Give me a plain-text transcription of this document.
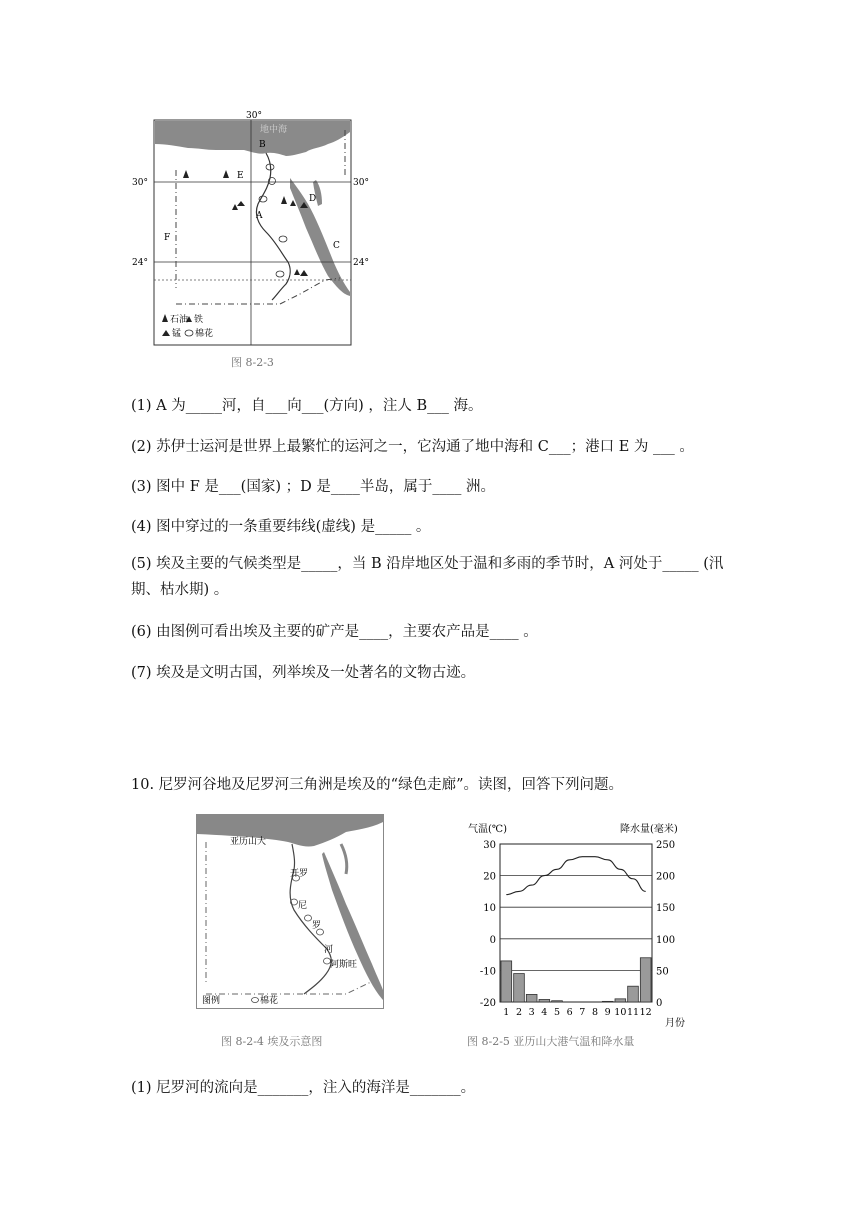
地中海
30°
30°	30°
24°	24°
B
E
A
D
C
F
石油 铁
锰 棉花
图 8-2-3
(1) A 为_____河，自___向___(方向) ，注人 B___ 海。
(2) 苏伊士运河是世界上最繁忙的运河之一，它沟通了地中海和 C___；港口 E 为 ___ 。
(3) 图中 F 是___(国家) ；D 是____半岛，属于____ 洲。
(4) 图中穿过的一条重要纬线(虚线) 是_____ 。
(5) 埃及主要的气候类型是_____，当 B 沿岸地区处于温和多雨的季节时，A 河处于_____ (汛期、枯水期) 。
(6) 由图例可看出埃及主要的矿产是____，主要农产品是____ 。
(7) 埃及是文明古国，列举埃及一处著名的文物古迹。
10. 尼罗河谷地及尼罗河三角洲是埃及的“绿色走廊”。读图，回答下列问题。
亚历山大
开罗
尼
罗
河
阿斯旺
图例	棉花
图 8-2-4 埃及示意图
气温(℃)	降水量(毫米)
月份
30
20
10
0
-10
-20
250
200
150
100
50
0
1 2 3 4 5 6 7 8 9 10 11 12
图 8-2-5 亚历山大港气温和降水量
(1) 尼罗河的流向是_______，注入的海洋是_______。
